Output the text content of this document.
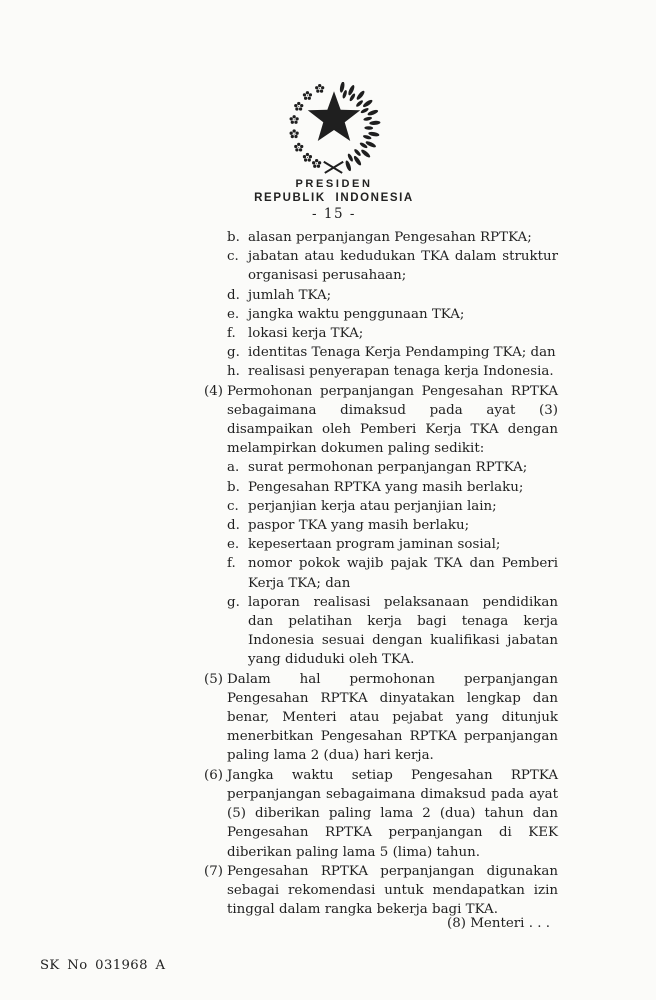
PRESIDEN
REPUBLIK INDONESIA
- 15 -
b. alasan perpanjangan Pengesahan RPTKA;
c. jabatan atau kedudukan TKA dalam struktur organisasi perusahaan;
d. jumlah TKA;
e. jangka waktu penggunaan TKA;
f. lokasi kerja TKA;
g. identitas Tenaga Kerja Pendamping TKA; dan
h. realisasi penyerapan tenaga kerja Indonesia.
(4) Permohonan perpanjangan Pengesahan RPTKA sebagaimana dimaksud pada ayat (3) disampaikan oleh Pemberi Kerja TKA dengan melampirkan dokumen paling sedikit:
a. surat permohonan perpanjangan RPTKA;
b. Pengesahan RPTKA yang masih berlaku;
c. perjanjian kerja atau perjanjian lain;
d. paspor TKA yang masih berlaku;
e. kepesertaan program jaminan sosial;
f. nomor pokok wajib pajak TKA dan Pemberi Kerja TKA; dan
g. laporan realisasi pelaksanaan pendidikan dan pelatihan kerja bagi tenaga kerja Indonesia sesuai dengan kualifikasi jabatan yang diduduki oleh TKA.
(5) Dalam hal permohonan perpanjangan Pengesahan RPTKA dinyatakan lengkap dan benar, Menteri atau pejabat yang ditunjuk menerbitkan Pengesahan RPTKA perpanjangan paling lama 2 (dua) hari kerja.
(6) Jangka waktu setiap Pengesahan RPTKA perpanjangan sebagaimana dimaksud pada ayat (5) diberikan paling lama 2 (dua) tahun dan Pengesahan RPTKA perpanjangan di KEK diberikan paling lama 5 (lima) tahun.
(7) Pengesahan RPTKA perpanjangan digunakan sebagai rekomendasi untuk mendapatkan izin tinggal dalam rangka bekerja bagi TKA.
(8) Menteri . . .
SK No 031968 A
